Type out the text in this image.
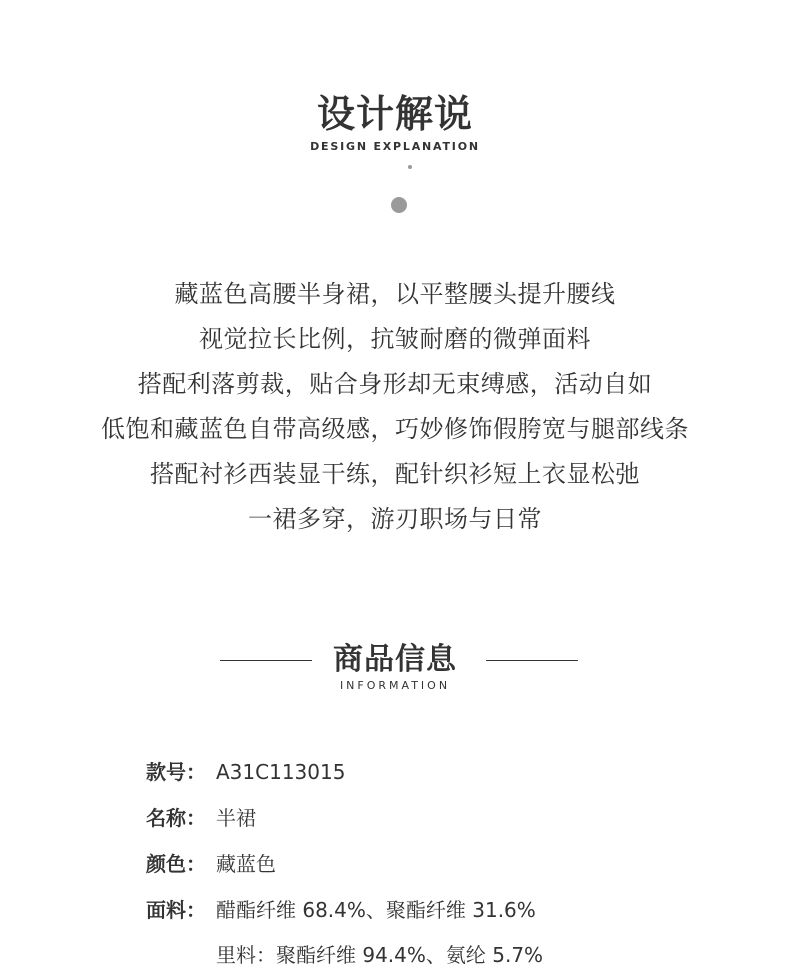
设计解说
DESIGN EXPLANATION
藏蓝色高腰半身裙，以平整腰头提升腰线
视觉拉长比例，抗皱耐磨的微弹面料
搭配利落剪裁，贴合身形却无束缚感，活动自如
低饱和藏蓝色自带高级感，巧妙修饰假胯宽与腿部线条
搭配衬衫西装显干练，配针织衫短上衣显松弛
一裙多穿，游刃职场与日常
商品信息
INFORMATION
款号： A31C113015
名称： 半裙
颜色： 藏蓝色
面料： 醋酯纤维 68.4%、聚酯纤维 31.6%
里料：聚酯纤维 94.4%、氨纶 5.7%
